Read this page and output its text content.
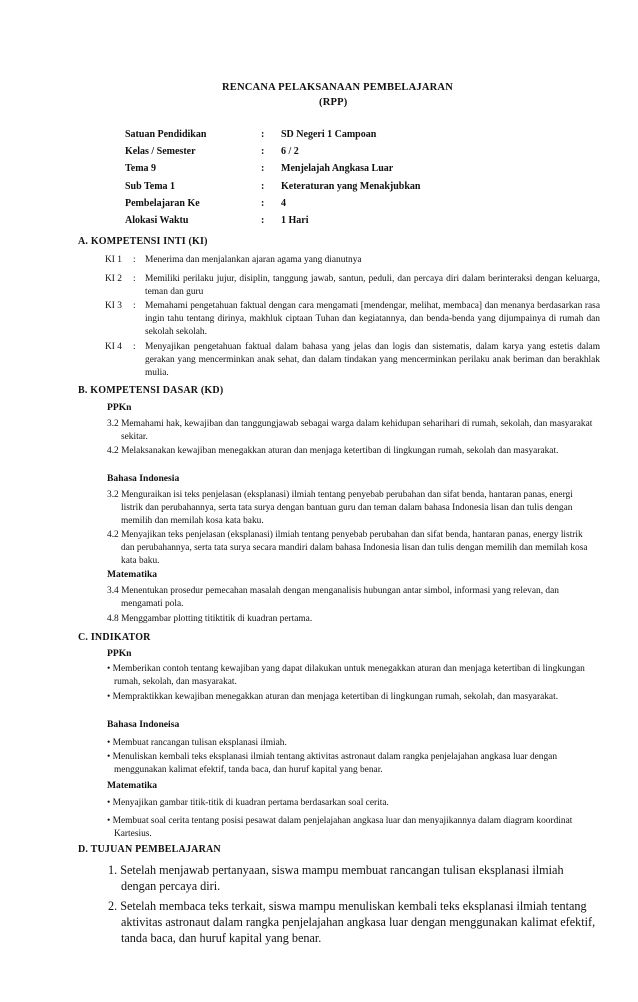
RENCANA PELAKSANAAN PEMBELAJARAN
(RPP)
Satuan Pendidikan	:	SD Negeri 1 Campoan
Kelas / Semester	:	6 / 2
Tema 9	:	Menjelajah Angkasa Luar
Sub Tema 1	:	Keteraturan yang Menakjubkan
Pembelajaran Ke	:	4
Alokasi Waktu	:	1 Hari
A. KOMPETENSI INTI (KI)
KI 1	: Menerima dan menjalankan ajaran agama yang dianutnya
KI 2	: Memiliki perilaku jujur, disiplin, tanggung jawab, santun, peduli, dan percaya diri dalam berinteraksi dengan keluarga, teman dan guru
KI 3	: Memahami pengetahuan faktual dengan cara mengamati [mendengar, melihat, membaca] dan menanya berdasarkan rasa ingin tahu tentang dirinya, makhluk ciptaan Tuhan dan kegiatannya, dan benda-benda yang dijumpainya di rumah dan sekolah sekolah.
KI 4	: Menyajikan pengetahuan faktual dalam bahasa yang jelas dan logis dan sistematis, dalam karya yang estetis dalam gerakan yang mencerminkan anak sehat, dan dalam tindakan yang mencerminkan perilaku anak beriman dan berakhlak mulia.
B. KOMPETENSI DASAR (KD)
PPKn
3.2 Memahami hak, kewajiban dan tanggungjawab sebagai warga dalam kehidupan seharihari di rumah, sekolah, dan masyarakat sekitar.
4.2 Melaksanakan kewajiban menegakkan aturan dan menjaga ketertiban di lingkungan rumah, sekolah dan masyarakat.
Bahasa Indonesia
3.2 Menguraikan isi teks penjelasan (eksplanasi) ilmiah tentang penyebab perubahan dan sifat benda, hantaran panas, energi listrik dan perubahannya, serta tata surya dengan bantuan guru dan teman dalam bahasa Indonesia lisan dan tulis dengan memilih dan memilah kosa kata baku.
4.2 Menyajikan teks penjelasan (eksplanasi) ilmiah tentang penyebab perubahan dan sifat benda, hantaran panas, energy listrik dan perubahannya, serta tata surya secara mandiri dalam bahasa Indonesia lisan dan tulis dengan memilih dan memilah kosa kata baku.
Matematika
3.4 Menentukan prosedur pemecahan masalah dengan menganalisis hubungan antar simbol, informasi yang relevan, dan mengamati pola.
4.8 Menggambar plotting titiktitik di kuadran pertama.
C. INDIKATOR
PPKn
• Memberikan contoh tentang kewajiban yang dapat dilakukan untuk menegakkan aturan dan menjaga ketertiban di lingkungan rumah, sekolah, dan masyarakat.
• Mempraktikkan kewajiban menegakkan aturan dan menjaga ketertiban di lingkungan rumah, sekolah, dan masyarakat.
Bahasa Indoneisa
• Membuat rancangan tulisan eksplanasi ilmiah.
• Menuliskan kembali teks eksplanasi ilmiah tentang aktivitas astronaut dalam rangka penjelajahan angkasa luar dengan menggunakan kalimat efektif, tanda baca, dan huruf kapital yang benar.
Matematika
• Menyajikan gambar titik-titik di kuadran pertama berdasarkan soal cerita.
• Membuat soal cerita tentang posisi pesawat dalam penjelajahan angkasa luar dan menyajikannya dalam diagram koordinat Kartesius.
D. TUJUAN PEMBELAJARAN
1. Setelah menjawab pertanyaan, siswa mampu membuat rancangan tulisan eksplanasi ilmiah dengan percaya diri.
2. Setelah membaca teks terkait, siswa mampu menuliskan kembali teks eksplanasi ilmiah tentang aktivitas astronaut dalam rangka penjelajahan angkasa luar dengan menggunakan kalimat efektif, tanda baca, dan huruf kapital yang benar.
